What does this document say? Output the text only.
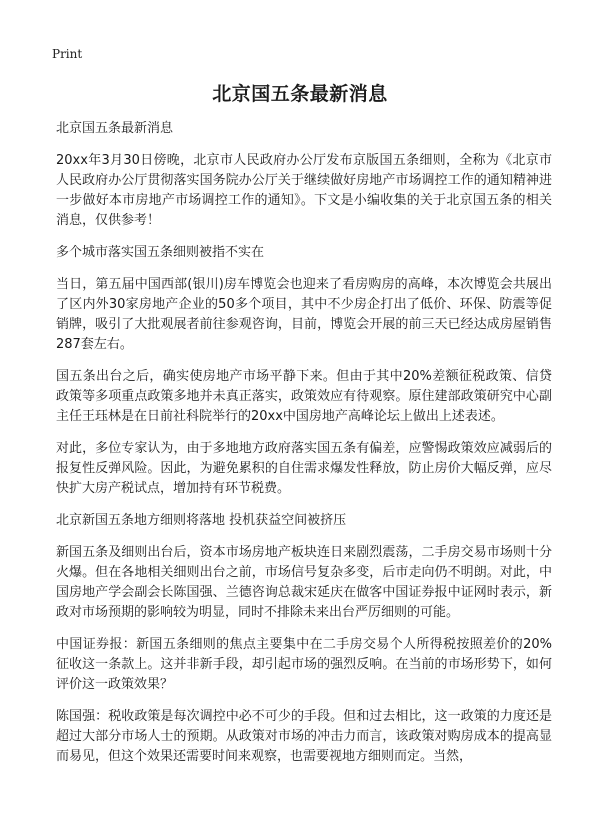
Print
北京国五条最新消息

北京国五条最新消息

20xx年3月30日傍晚，北京市人民政府办公厅发布京版国五条细则，全称为《北京市人民政府办公厅贯彻落实国务院办公厅关于继续做好房地产市场调控工作的通知精神进一步做好本市房地产市场调控工作的通知》。下文是小编收集的关于北京国五条的相关消息，仅供参考！

多个城市落实国五条细则被指不实在

当日，第五届中国西部(银川)房车博览会也迎来了看房购房的高峰，本次博览会共展出了区内外30家房地产企业的50多个项目，其中不少房企打出了低价、环保、防震等促销牌，吸引了大批观展者前往参观咨询，目前，博览会开展的前三天已经达成房屋销售287套左右。

国五条出台之后，确实使房地产市场平静下来。但由于其中20%差额征税政策、信贷政策等多项重点政策多地并未真正落实，政策效应有待观察。原住建部政策研究中心副主任王珏林是在日前社科院举行的20xx中国房地产高峰论坛上做出上述表述。

对此，多位专家认为，由于多地地方政府落实国五条有偏差，应警惕政策效应减弱后的报复性反弹风险。因此，为避免累积的自住需求爆发性释放，防止房价大幅反弹，应尽快扩大房产税试点，增加持有环节税费。

北京新国五条地方细则将落地 投机获益空间被挤压

新国五条及细则出台后，资本市场房地产板块连日来剧烈震荡，二手房交易市场则十分火爆。但在各地相关细则出台之前，市场信号复杂多变，后市走向仍不明朗。对此，中国房地产学会副会长陈国强、兰德咨询总裁宋延庆在做客中国证券报中证网时表示，新政对市场预期的影响较为明显，同时不排除未来出台严厉细则的可能。

中国证券报：新国五条细则的焦点主要集中在二手房交易个人所得税按照差价的20%征收这一条款上。这并非新手段，却引起市场的强烈反响。在当前的市场形势下，如何评价这一政策效果？

陈国强：税收政策是每次调控中必不可少的手段。但和过去相比，这一政策的力度还是超过大部分市场人士的预期。从政策对市场的冲击力而言，该政策对购房成本的提高显而易见，但这个效果还需要时间来观察，也需要视地方细则而定。当然，
